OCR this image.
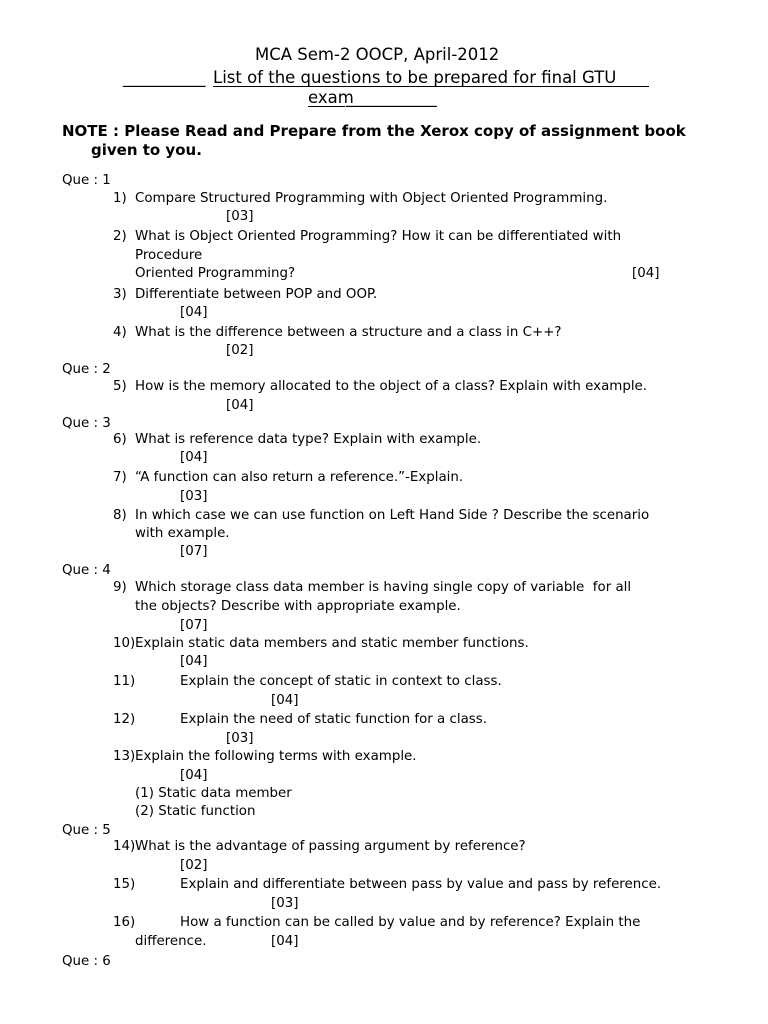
MCA Sem-2 OOCP, April-2012
__________ List of the questions to be prepared for final GTU
exam
___________
NOTE : Please Read and Prepare from the Xerox copy of assignment book
given to you.
Que : 1
1) Compare Structured Programming with Object Oriented Programming.
[03]
2) What is Object Oriented Programming? How it can be differentiated with
Procedure
Oriented Programming?	[04]
3) Differentiate between POP and OOP.
[04]
4) What is the difference between a structure and a class in C++?
[02]
Que : 2
5) How is the memory allocated to the object of a class? Explain with example.
[04]
Que : 3
6) What is reference data type? Explain with example.
[04]
7) “A function can also return a reference.”-Explain.
[03]
8) In which case we can use function on Left Hand Side ? Describe the scenario
with example.
[07]
Que : 4
9) Which storage class data member is having single copy of variable  for all
the objects? Describe with appropriate example.
[07]
10) Explain static data members and static member functions.
[04]
11)	Explain the concept of static in context to class.
[04]
12)	Explain the need of static function for a class.
[03]
13) Explain the following terms with example.
[04]
(1) Static data member
(2) Static function
Que : 5
14) What is the advantage of passing argument by reference?
[02]
15)	Explain and differentiate between pass by value and pass by reference.
[03]
16)	How a function can be called by value and by reference? Explain the
difference.	[04]
Que : 6
